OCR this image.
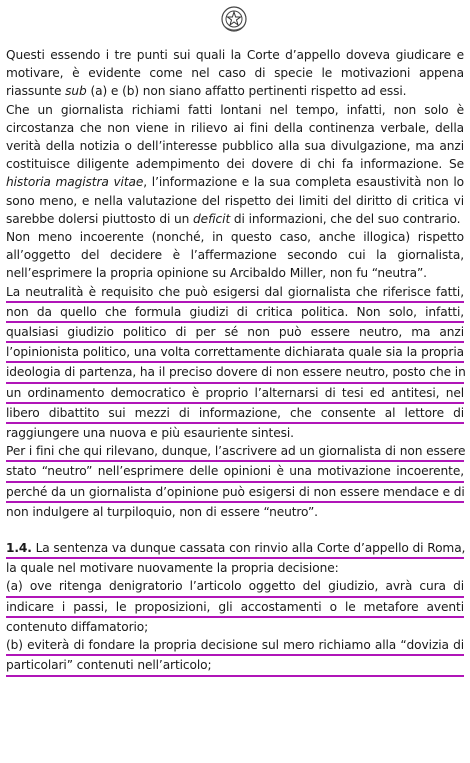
Questi essendo i tre punti sui quali la Corte d’appello doveva giudicare e
motivare, è evidente come nel caso di specie le motivazioni appena
riassunte sub (a) e (b) non siano affatto pertinenti rispetto ad essi.

Che un giornalista richiami fatti lontani nel tempo, infatti, non solo è
circostanza che non viene in rilievo ai fini della continenza verbale, della
verità della notizia o dell’interesse pubblico alla sua divulgazione, ma anzi
costituisce diligente adempimento dei dovere di chi fa informazione. Se
historia magistra vitae, l’informazione e la sua completa esaustività non lo
sono meno, e nella valutazione del rispetto dei limiti del diritto di critica vi
sarebbe dolersi piuttosto di un deficit di informazioni, che del suo contrario.

Non meno incoerente (nonché, in questo caso, anche illogica) rispetto
all’oggetto del decidere è l’affermazione secondo cui la giornalista,
nell’esprimere la propria opinione su Arcibaldo Miller, non fu “neutra”.

La neutralità è requisito che può esigersi dal giornalista che riferisce fatti,
non da quello che formula giudizi di critica politica. Non solo, infatti,
qualsiasi giudizio politico di per sé non può essere neutro, ma anzi
l’opinionista politico, una volta correttamente dichiarata quale sia la propria
ideologia di partenza, ha il preciso dovere di non essere neutro, posto che in
un ordinamento democratico è proprio l’alternarsi di tesi ed antitesi, nel
libero dibattito sui mezzi di informazione, che consente al lettore di
raggiungere una nuova e più esauriente sintesi.

Per i fini che qui rilevano, dunque, l’ascrivere ad un giornalista di non essere
stato “neutro” nell’esprimere delle opinioni è una motivazione incoerente,
perché da un giornalista d’opinione può esigersi di non essere mendace e di
non indulgere al turpiloquio, non di essere “neutro”.

1.4. La sentenza va dunque cassata con rinvio alla Corte d’appello di Roma,
la quale nel motivare nuovamente la propria decisione:

(a) ove ritenga denigratorio l’articolo oggetto del giudizio, avrà cura di
indicare i passi, le proposizioni, gli accostamenti o le metafore aventi
contenuto diffamatorio;

(b) eviterà di fondare la propria decisione sul mero richiamo alla “dovizia di
particolari” contenuti nell’articolo;
